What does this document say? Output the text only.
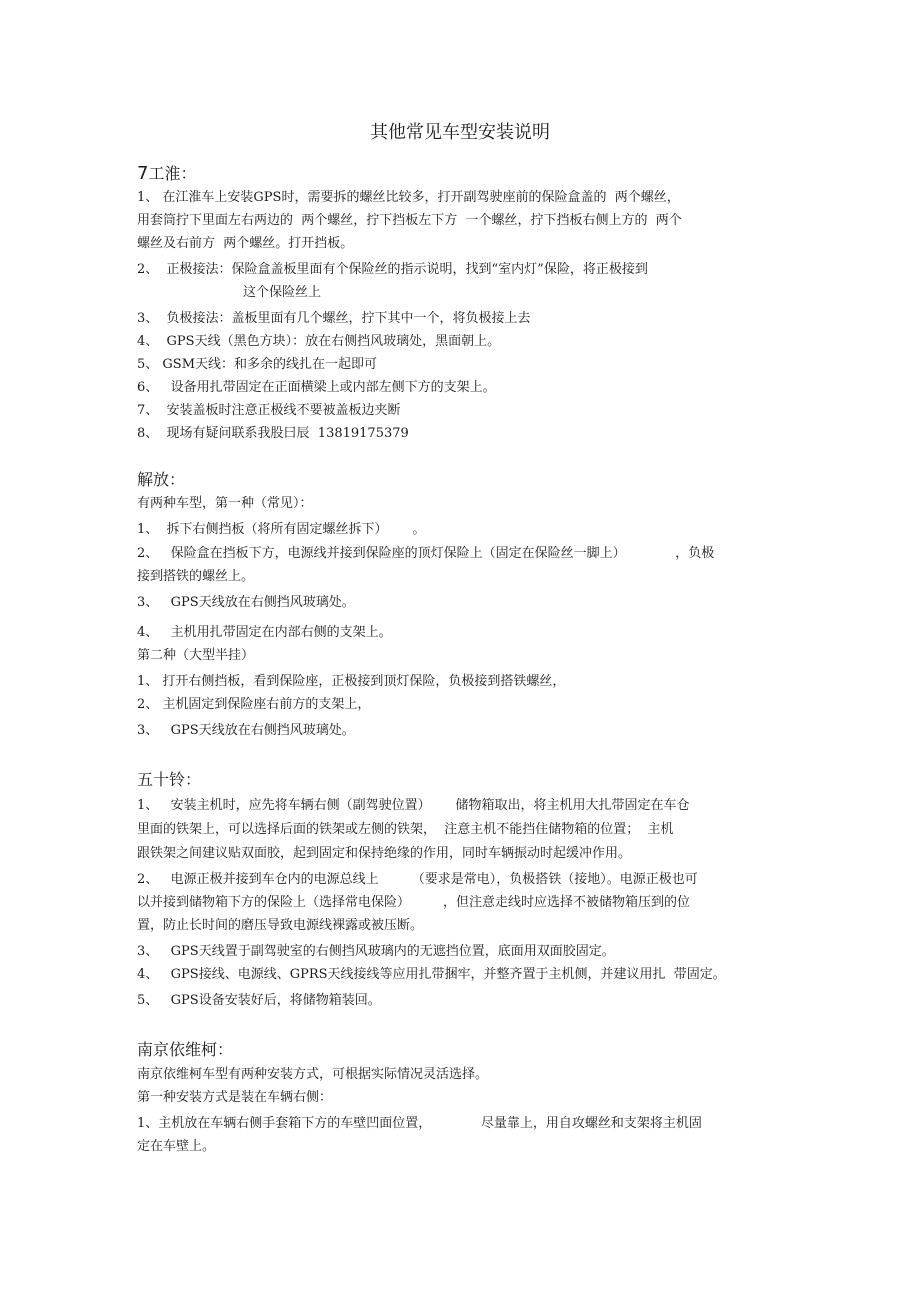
其他常见车型安装说明
7工淮：
1、 在江淮车上安装GPS时，需要拆的螺丝比较多，打开副驾驶座前的保险盒盖的  两个螺丝，
用套筒拧下里面左右两边的  两个螺丝，拧下挡板左下方  一个螺丝，拧下挡板右侧上方的  两个
螺丝及右前方  两个螺丝。打开挡板。
2、  正极接法：保险盒盖板里面有个保险丝的指示说明，找到“室内灯”保险，将正极接到
这个保险丝上
3、  负极接法：盖板里面有几个螺丝，拧下其中一个，将负极接上去
4、  GPS天线（黑色方块）：放在右侧挡风玻璃处，黑面朝上。
5、 GSM天线：和多余的线扎在一起即可
6、   设备用扎带固定在正面横梁上或内部左侧下方的支架上。
7、  安装盖板时注意正极线不要被盖板边夹断
8、  现场有疑问联系我股曰辰  13819175379
解放：
有两种车型，第一种（常见）：
1、  拆下右侧挡板（将所有固定螺丝拆下）      。
2、   保险盒在挡板下方，电源线并接到保险座的顶灯保险上（固定在保险丝一脚上）            ，负极
接到搭铁的螺丝上。
3、   GPS天线放在右侧挡风玻璃处。
4、   主机用扎带固定在内部右侧的支架上。
第二种（大型半挂）
1、 打开右侧挡板，看到保险座，正极接到顶灯保险，负极接到搭铁螺丝，
2、 主机固定到保险座右前方的支架上，
3、   GPS天线放在右侧挡风玻璃处。
五十铃：
1、   安装主机时，应先将车辆右侧（副驾驶位置）      储物箱取出，将主机用大扎带固定在车仓
里面的铁架上，可以选择后面的铁架或左侧的铁架，  注意主机不能挡住储物箱的位置；  主机
跟铁架之间建议贴双面胶，起到固定和保持绝缘的作用，同时车辆振动时起缓冲作用。
2、   电源正极并接到车仓内的电源总线上        （要求是常电），负极搭铁（接地）。电源正极也可
以并接到储物箱下方的保险上（选择常电保险）        ，但注意走线时应选择不被储物箱压到的位
置，防止长时间的磨压导致电源线裸露或被压断。
3、   GPS天线置于副驾驶室的右侧挡风玻璃内的无遮挡位置，底面用双面胶固定。
4、   GPS接线、电源线、GPRS天线接线等应用扎带捆牢，并整齐置于主机侧，并建议用扎  带固定。
5、   GPS设备安装好后，将储物箱装回。
南京依维柯：
南京依维柯车型有两种安装方式，可根据实际情况灵活选择。
第一种安装方式是装在车辆右侧：
1、主机放在车辆右侧手套箱下方的车壁凹面位置，            尽量靠上，用自攻螺丝和支架将主机固
定在车壁上。
